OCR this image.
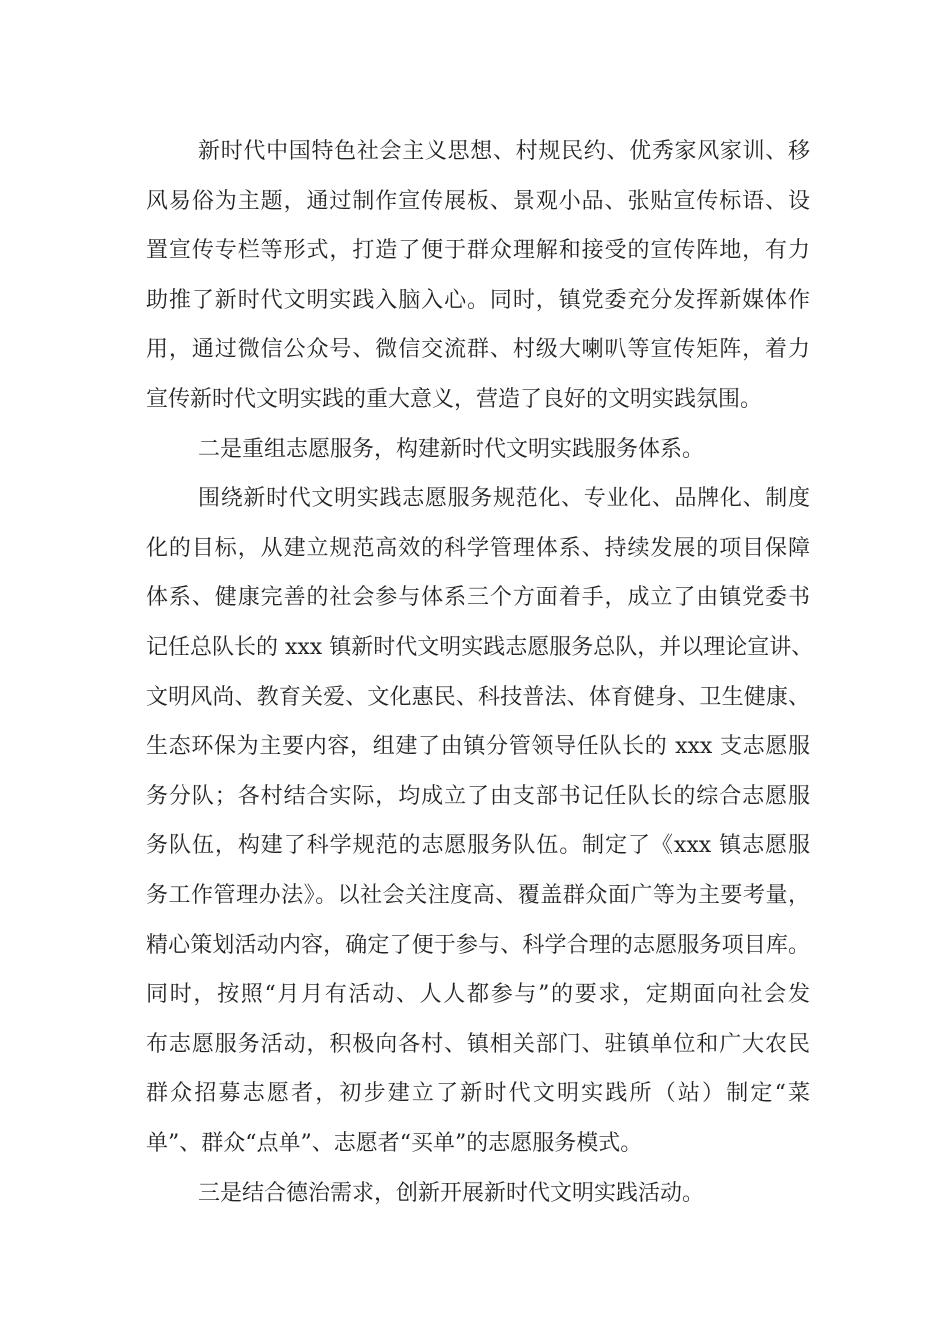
新时代中国特色社会主义思想、村规民约、优秀家风家训、移
风易俗为主题，通过制作宣传展板、景观小品、张贴宣传标语、设
置宣传专栏等形式，打造了便于群众理解和接受的宣传阵地，有力
助推了新时代文明实践入脑入心。同时，镇党委充分发挥新媒体作
用，通过微信公众号、微信交流群、村级大喇叭等宣传矩阵，着力
宣传新时代文明实践的重大意义，营造了良好的文明实践氛围。
二是重组志愿服务，构建新时代文明实践服务体系。
围绕新时代文明实践志愿服务规范化、专业化、品牌化、制度
化的目标，从建立规范高效的科学管理体系、持续发展的项目保障
体系、健康完善的社会参与体系三个方面着手，成立了由镇党委书
记任总队长的 xxx 镇新时代文明实践志愿服务总队，并以理论宣讲、
文明风尚、教育关爱、文化惠民、科技普法、体育健身、卫生健康、
生态环保为主要内容，组建了由镇分管领导任队长的 xxx 支志愿服
务分队；各村结合实际，均成立了由支部书记任队长的综合志愿服
务队伍，构建了科学规范的志愿服务队伍。制定了《xxx 镇志愿服
务工作管理办法》。以社会关注度高、覆盖群众面广等为主要考量，
精心策划活动内容，确定了便于参与、科学合理的志愿服务项目库。
同时，按照“月月有活动、人人都参与”的要求，定期面向社会发
布志愿服务活动，积极向各村、镇相关部门、驻镇单位和广大农民
群众招募志愿者，初步建立了新时代文明实践所（站）制定“菜
单”、群众“点单”、志愿者“买单”的志愿服务模式。
三是结合德治需求，创新开展新时代文明实践活动。
